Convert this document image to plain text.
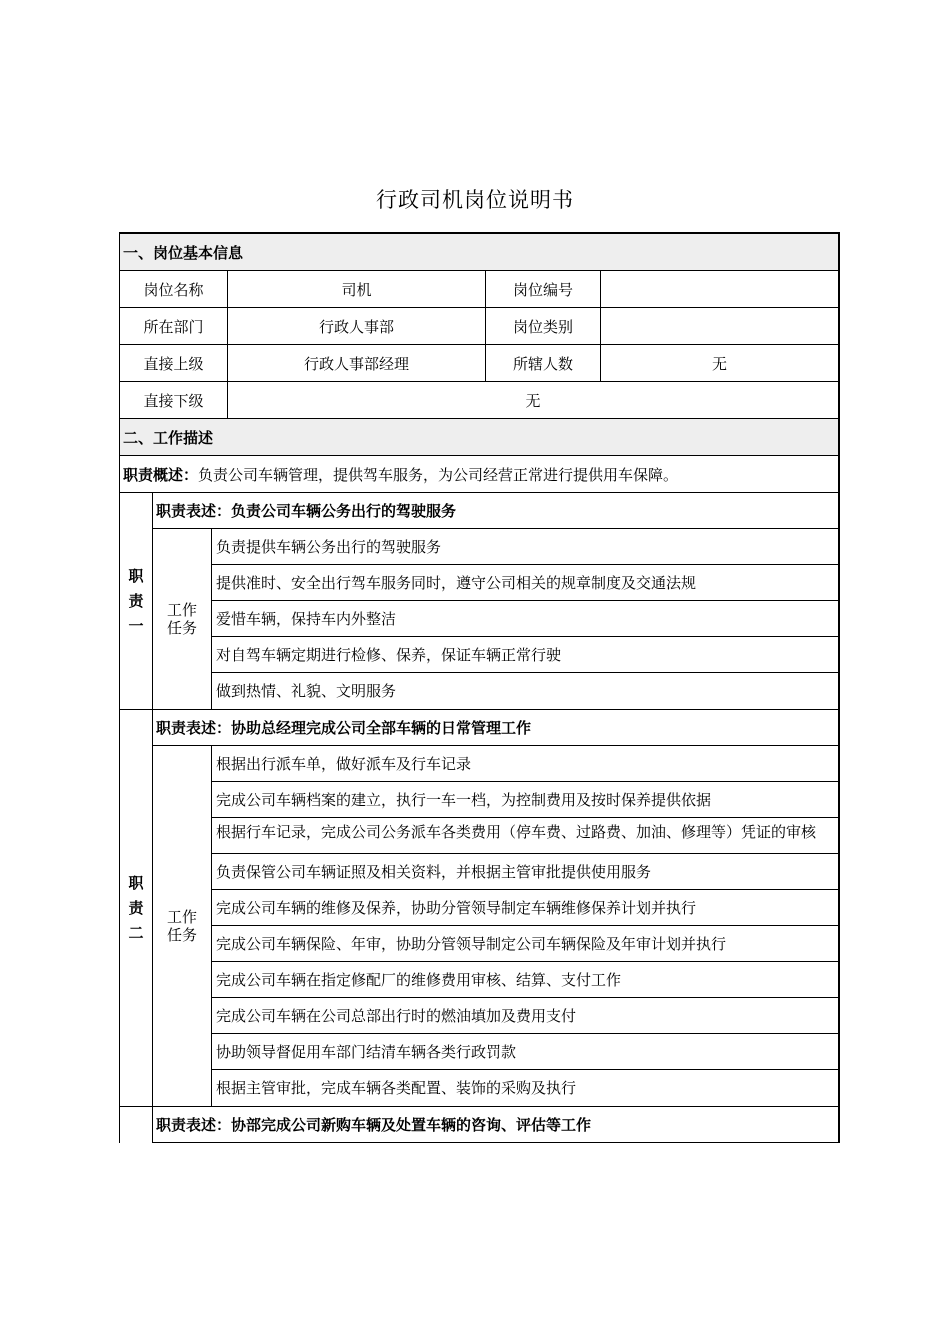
行政司机岗位说明书
一、岗位基本信息
岗位名称	司机	岗位编号
所在部门	行政人事部	岗位类别
直接上级	行政人事部经理	所辖人数	无
直接下级	无
二、工作描述
职责概述： 负责公司车辆管理，提供驾车服务，为公司经营正常进行提供用车保障。
职责一
职责表述：负责公司车辆公务出行的驾驶服务
工作任务
负责提供车辆公务出行的驾驶服务
提供准时、安全出行驾车服务同时，遵守公司相关的规章制度及交通法规
爱惜车辆，保持车内外整洁
对自驾车辆定期进行检修、保养，保证车辆正常行驶
做到热情、礼貌、文明服务
职责二
职责表述：协助总经理完成公司全部车辆的日常管理工作
工作任务
根据出行派车单，做好派车及行车记录
完成公司车辆档案的建立，执行一车一档，为控制费用及按时保养提供依据
根据行车记录，完成公司公务派车各类费用（停车费、过路费、加油、修理等）凭证的审核
负责保管公司车辆证照及相关资料，并根据主管审批提供使用服务
完成公司车辆的维修及保养，协助分管领导制定车辆维修保养计划并执行
完成公司车辆保险、年审，协助分管领导制定公司车辆保险及年审计划并执行
完成公司车辆在指定修配厂的维修费用审核、结算、支付工作
完成公司车辆在公司总部出行时的燃油填加及费用支付
协助领导督促用车部门结清车辆各类行政罚款
根据主管审批，完成车辆各类配置、装饰的采购及执行
职责表述：协部完成公司新购车辆及处置车辆的咨询、评估等工作
